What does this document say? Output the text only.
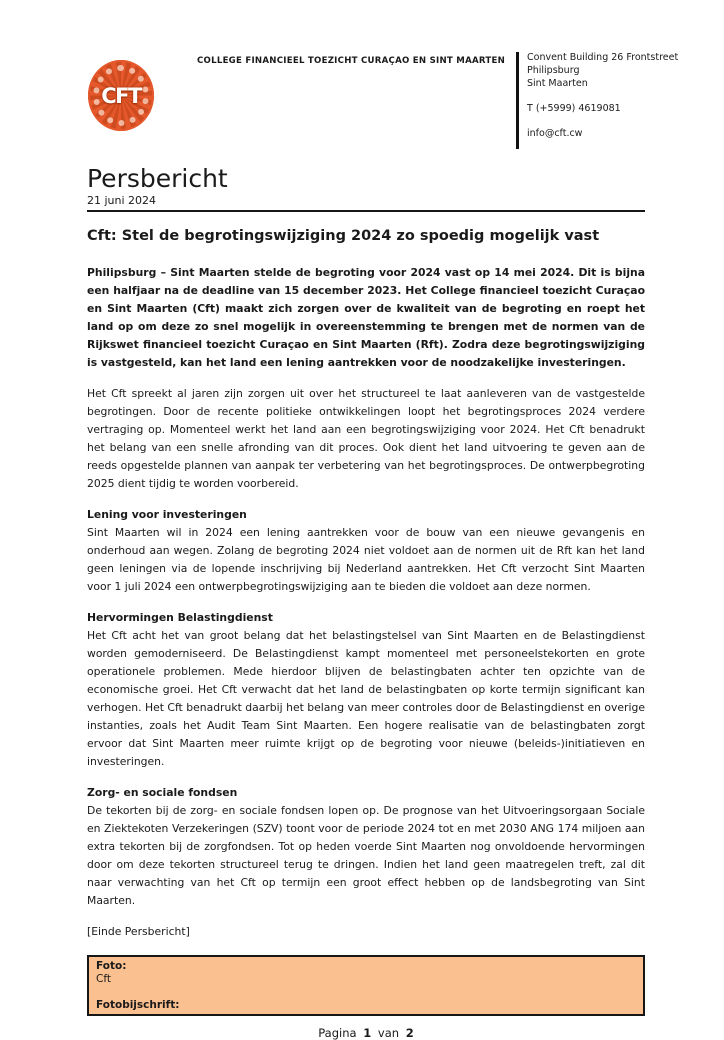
CFT
COLLEGE FINANCIEEL TOEZICHT CURAÇAO EN SINT MAARTEN	Convent Building 26 Frontstreet
Philipsburg
Sint Maarten
T (+5999) 4619081
info@cft.cw
Persbericht
21 juni 2024
Cft: Stel de begrotingswijziging 2024 zo spoedig mogelijk vast

Philipsburg – Sint Maarten stelde de begroting voor 2024 vast op 14 mei 2024. Dit is bijna een halfjaar na de deadline van 15 december 2023. Het College financieel toezicht Curaçao en Sint Maarten (Cft) maakt zich zorgen over de kwaliteit van de begroting en roept het land op om deze zo snel mogelijk in overeenstemming te brengen met de normen van de Rijkswet financieel toezicht Curaçao en Sint Maarten (Rft). Zodra deze begrotingswijziging is vastgesteld, kan het land een lening aantrekken voor de noodzakelijke investeringen.

Het Cft spreekt al jaren zijn zorgen uit over het structureel te laat aanleveren van de vastgestelde begrotingen. Door de recente politieke ontwikkelingen loopt het begrotingsproces 2024 verdere vertraging op. Momenteel werkt het land aan een begrotingswijziging voor 2024. Het Cft benadrukt het belang van een snelle afronding van dit proces. Ook dient het land uitvoering te geven aan de reeds opgestelde plannen van aanpak ter verbetering van het begrotingsproces. De ontwerpbegroting 2025 dient tijdig te worden voorbereid.

Lening voor investeringen

Sint Maarten wil in 2024 een lening aantrekken voor de bouw van een nieuwe gevangenis en onderhoud aan wegen. Zolang de begroting 2024 niet voldoet aan de normen uit de Rft kan het land geen leningen via de lopende inschrijving bij Nederland aantrekken. Het Cft verzocht Sint Maarten voor 1 juli 2024 een ontwerpbegrotingswijziging aan te bieden die voldoet aan deze normen.

Hervormingen Belastingdienst

Het Cft acht het van groot belang dat het belastingstelsel van Sint Maarten en de Belastingdienst worden gemoderniseerd. De Belastingdienst kampt momenteel met personeelstekorten en grote operationele problemen. Mede hierdoor blijven de belastingbaten achter ten opzichte van de economische groei. Het Cft verwacht dat het land de belastingbaten op korte termijn significant kan verhogen. Het Cft benadrukt daarbij het belang van meer controles door de Belastingdienst en overige instanties, zoals het Audit Team Sint Maarten. Een hogere realisatie van de belastingbaten zorgt ervoor dat Sint Maarten meer ruimte krijgt op de begroting voor nieuwe (beleids-)initiatieven en investeringen.

Zorg- en sociale fondsen

De tekorten bij de zorg- en sociale fondsen lopen op. De prognose van het Uitvoeringsorgaan Sociale en Ziektekoten Verzekeringen (SZV) toont voor de periode 2024 tot en met 2030 ANG 174 miljoen aan extra tekorten bij de zorgfondsen. Tot op heden voerde Sint Maarten nog onvoldoende hervormingen door om deze tekorten structureel terug te dringen. Indien het land geen maatregelen treft, zal dit naar verwachting van het Cft op termijn een groot effect hebben op de landsbegroting van Sint Maarten.

[Einde Persbericht]

Foto:
Cft
Fotobijschrift:
Pagina 1 van 2
